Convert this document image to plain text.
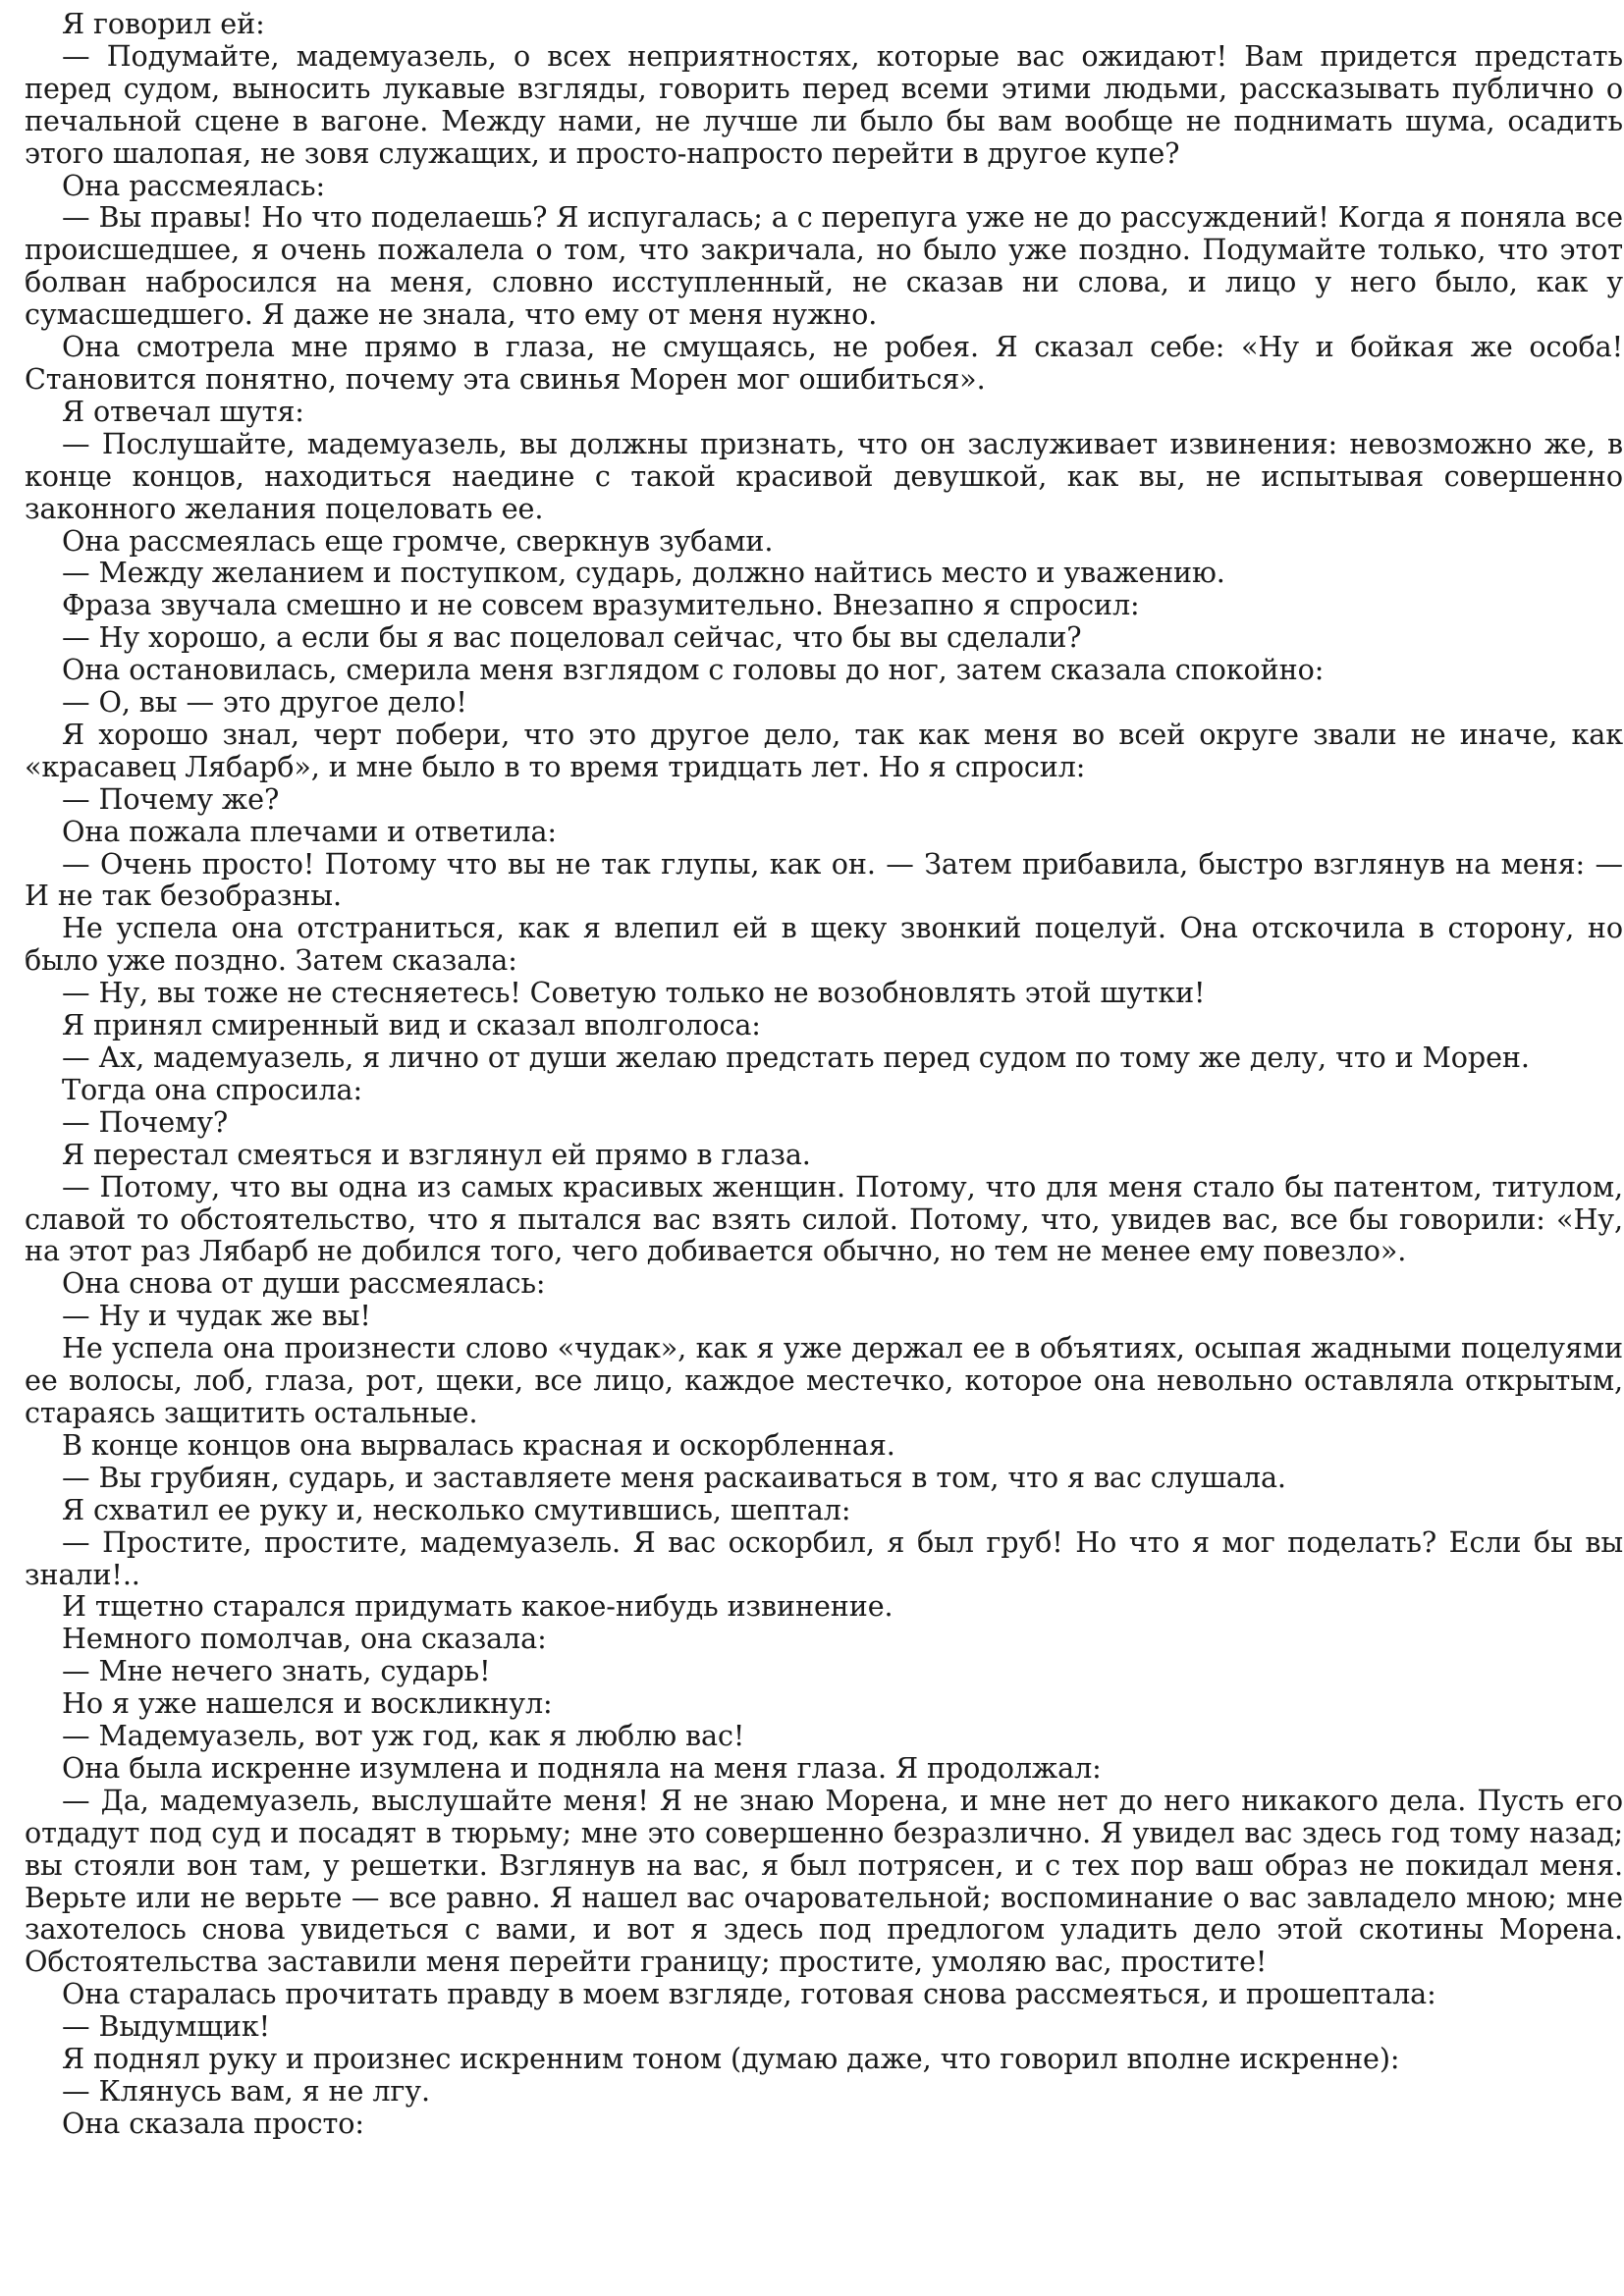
Я говорил ей:

— Подумайте, мадемуазель, о всех неприятностях, которые вас ожидают! Вам придется предстать перед судом, выносить лукавые взгляды, говорить перед всеми этими людьми, рассказывать публично о печальной сцене в вагоне. Между нами, не лучше ли было бы вам вообще не поднимать шума, осадить этого шалопая, не зовя служащих, и просто-напросто перейти в другое купе?

Она рассмеялась:

— Вы правы! Но что поделаешь? Я испугалась; а с перепуга уже не до рассуждений! Когда я поняла все происшедшее, я очень пожалела о том, что закричала, но было уже поздно. Подумайте только, что этот болван набросился на меня, словно исступленный, не сказав ни слова, и лицо у него было, как у сумасшедшего. Я даже не знала, что ему от меня нужно.

Она смотрела мне прямо в глаза, не смущаясь, не робея. Я сказал себе: «Ну и бойкая же особа! Становится понятно, почему эта свинья Морен мог ошибиться».

Я отвечал шутя:

— Послушайте, мадемуазель, вы должны признать, что он заслуживает извинения: невозможно же, в конце концов, находиться наедине с такой красивой девушкой, как вы, не испытывая совершенно законного желания поцеловать ее.

Она рассмеялась еще громче, сверкнув зубами.

— Между желанием и поступком, сударь, должно найтись место и уважению.

Фраза звучала смешно и не совсем вразумительно. Внезапно я спросил:

— Ну хорошо, а если бы я вас поцеловал сейчас, что бы вы сделали?

Она остановилась, смерила меня взглядом с головы до ног, затем сказала спокойно:

— О, вы — это другое дело!

Я хорошо знал, черт побери, что это другое дело, так как меня во всей округе звали не иначе, как «красавец Лябарб», и мне было в то время тридцать лет. Но я спросил:

— Почему же?

Она пожала плечами и ответила:

— Очень просто! Потому что вы не так глупы, как он. — Затем прибавила, быстро взглянув на меня: — И не так безобразны.

Не успела она отстраниться, как я влепил ей в щеку звонкий поцелуй. Она отскочила в сторону, но было уже поздно. Затем сказала:

— Ну, вы тоже не стесняетесь! Советую только не возобновлять этой шутки!

Я принял смиренный вид и сказал вполголоса:

— Ах, мадемуазель, я лично от души желаю предстать перед судом по тому же делу, что и Морен.

Тогда она спросила:

— Почему?

Я перестал смеяться и взглянул ей прямо в глаза.

— Потому, что вы одна из самых красивых женщин. Потому, что для меня стало бы патентом, титулом, славой то обстоятельство, что я пытался вас взять силой. Потому, что, увидев вас, все бы говорили: «Ну, на этот раз Лябарб не добился того, чего добивается обычно, но тем не менее ему повезло».

Она снова от души рассмеялась:

— Ну и чудак же вы!

Не успела она произнести слово «чудак», как я уже держал ее в объятиях, осыпая жадными поцелуями ее волосы, лоб, глаза, рот, щеки, все лицо, каждое местечко, которое она невольно оставляла открытым, стараясь защитить остальные.

В конце концов она вырвалась красная и оскорбленная.

— Вы грубиян, сударь, и заставляете меня раскаиваться в том, что я вас слушала.

Я схватил ее руку и, несколько смутившись, шептал:

— Простите, простите, мадемуазель. Я вас оскорбил, я был груб! Но что я мог поделать? Если бы вы знали!..

И тщетно старался придумать какое-нибудь извинение.

Немного помолчав, она сказала:

— Мне нечего знать, сударь!

Но я уже нашелся и воскликнул:

— Мадемуазель, вот уж год, как я люблю вас!

Она была искренне изумлена и подняла на меня глаза. Я продолжал:

— Да, мадемуазель, выслушайте меня! Я не знаю Морена, и мне нет до него никакого дела. Пусть его отдадут под суд и посадят в тюрьму; мне это совершенно безразлично. Я увидел вас здесь год тому назад; вы стояли вон там, у решетки. Взглянув на вас, я был потрясен, и с тех пор ваш образ не покидал меня. Верьте или не верьте — все равно. Я нашел вас очаровательной; воспоминание о вас завладело мною; мне захотелось снова увидеться с вами, и вот я здесь под предлогом уладить дело этой скотины Морена. Обстоятельства заставили меня перейти границу; простите, умоляю вас, простите!

Она старалась прочитать правду в моем взгляде, готовая снова рассмеяться, и прошептала:

— Выдумщик!

Я поднял руку и произнес искренним тоном (думаю даже, что говорил вполне искренне):

— Клянусь вам, я не лгу.

Она сказала просто:
